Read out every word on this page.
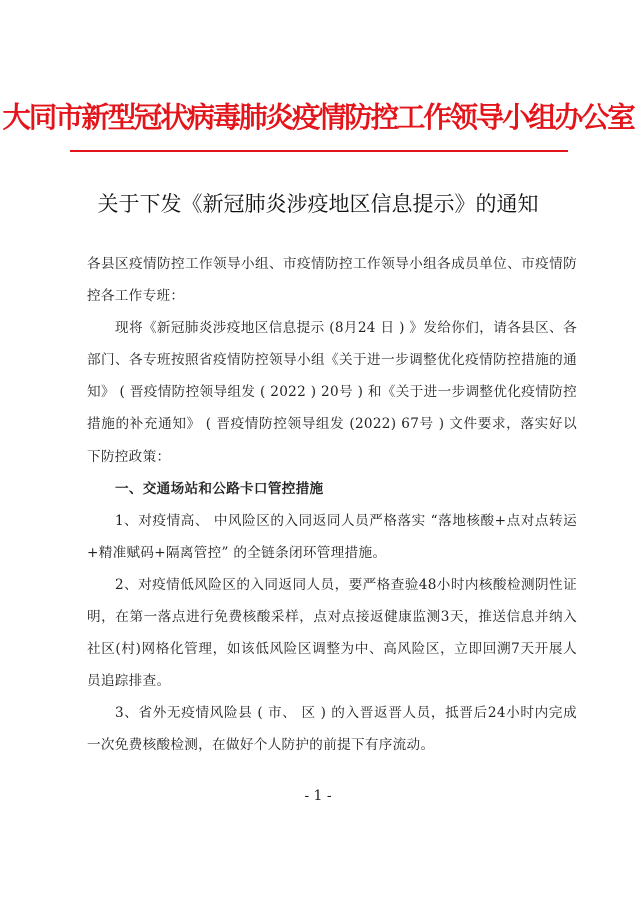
大同市新型冠状病毒肺炎疫情防控工作领导小组办公室
关于下发《新冠肺炎涉疫地区信息提示》的通知

各县区疫情防控工作领导小组、市疫情防控工作领导小组各成员单位、市疫情防控各工作专班：

现将《新冠肺炎涉疫地区信息提示 (8月24 日 ) 》发给你们，请各县区、各部门、各专班按照省疫情防控领导小组《关于进一步调整优化疫情防控措施的通知》 ( 晋疫情防控领导组发 ( 2022 ) 20号 ) 和《关于进一步调整优化疫情防控措施的补充通知》 ( 晋疫情防控领导组发 (2022) 67号 ) 文件要求，落实好以下防控政策：

一、交通场站和公路卡口管控措施

1、对疫情高、 中风险区的入同返同人员严格落实 “落地核酸+点对点转运+精准赋码+隔离管控” 的全链条闭环管理措施。

2、对疫情低风险区的入同返同人员，要严格查验48小时内核酸检测阴性证明，在第一落点进行免费核酸采样，点对点接返健康监测3天，推送信息并纳入社区(村)网格化管理，如该低风险区调整为中、高风险区，立即回溯7天开展人员追踪排查。

3、省外无疫情风险县 ( 市、 区 ) 的入晋返晋人员，抵晋后24小时内完成一次免费核酸检测，在做好个人防护的前提下有序流动。

- 1 -
